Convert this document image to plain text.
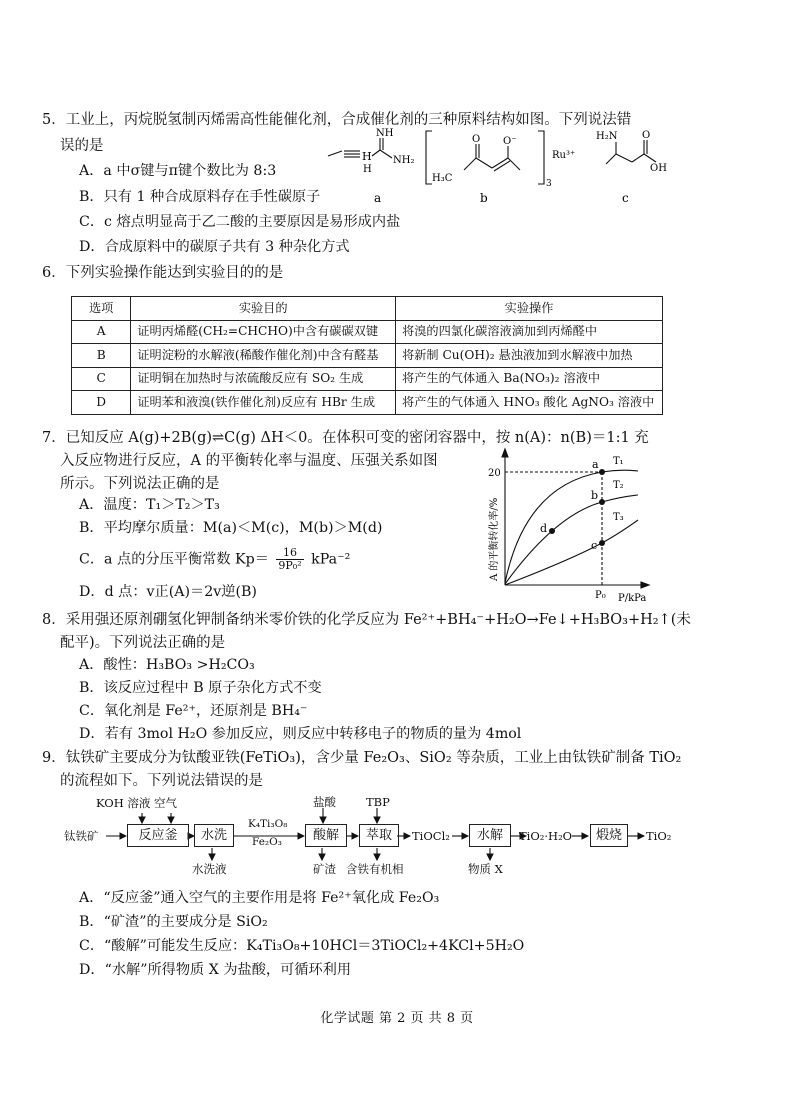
5．工业上，丙烷脱氢制丙烯需高性能催化剂，合成催化剂的三种原料结构如图。下列说法错
误的是
A．a 中σ键与π键个数比为 8:3
B．只有 1 种合成原料存在手性碳原子
C．c 熔点明显高于乙二酸的主要原因是易形成内盐
D．合成原料中的碳原子共有 3 种杂化方式
H
NH
H
NH₂
a
H₃C
O O⁻
3
Ru³⁺
b
H₂N O
OH
c
6．下列实验操作能达到实验目的的是
选项	实验目的	实验操作
A	证明丙烯醛(CH₂=CHCHO)中含有碳碳双键	将溴的四氯化碳溶液滴加到丙烯醛中
B	证明淀粉的水解液(稀酸作催化剂)中含有醛基	将新制 Cu(OH)₂ 悬浊液加到水解液中加热
C	证明铜在加热时与浓硫酸反应有 SO₂ 生成	将产生的气体通入 Ba(NO₃)₂ 溶液中
D	证明苯和液溴(铁作催化剂)反应有 HBr 生成	将产生的气体通入 HNO₃ 酸化 AgNO₃ 溶液中
7．已知反应 A(g)+2B(g)⇌C(g) ΔH＜0。在体积可变的密闭容器中，按 n(A)：n(B)＝1:1 充
入反应物进行反应，A 的平衡转化率与温度、压强关系如图
所示。下列说法正确的是
A．温度：T₁＞T₂＞T₃
B．平均摩尔质量：M(a)＜M(c)，M(b)＞M(d)
C．a 点的分压平衡常数 $Kp= \frac{16}{\text{9P₀²}} kPa^{-2}$
D．d 点：v正(A)＝2v逆(B)
a
b
c
d
T₁
T₂
T₃
20
P₀ P/kPa
A 的平衡转化率/%
8．采用强还原剂硼氢化钾制备纳米零价铁的化学反应为 Fe²⁺+BH₄⁻+H₂O→Fe↓+H₃BO₃+H₂↑(未
配平)。下列说法正确的是
A．酸性：H₃BO₃ >H₂CO₃
B．该反应过程中 B 原子杂化方式不变
C．氧化剂是 Fe²⁺，还原剂是 BH₄⁻
D．若有 3mol H₂O 参加反应，则反应中转移电子的物质的量为 4mol
9．钛铁矿主要成分为钛酸亚铁(FeTiO₃)，含少量 Fe₂O₃、SiO₂ 等杂质，工业上由钛铁矿制备 TiO₂
的流程如下。下列说法错误的是
KOH 溶液 空气	盐酸	TBP
钛铁矿	反应釜	水洗
K₄Ti₃O₈
Fe₂O₃	酸解	萃取	TiOCl₂	水解	TiO₂·H₂O	煅烧	TiO₂
水洗液	矿渣 含铁有机相	物质 X
A．“反应釜”通入空气的主要作用是将 Fe²⁺氧化成 Fe₂O₃
B．“矿渣”的主要成分是 SiO₂
C．“酸解”可能发生反应：K₄Ti₃O₈+10HCl＝3TiOCl₂+4KCl+5H₂O
D．“水解”所得物质 X 为盐酸，可循环利用
化学试题 第 2 页 共 8 页
